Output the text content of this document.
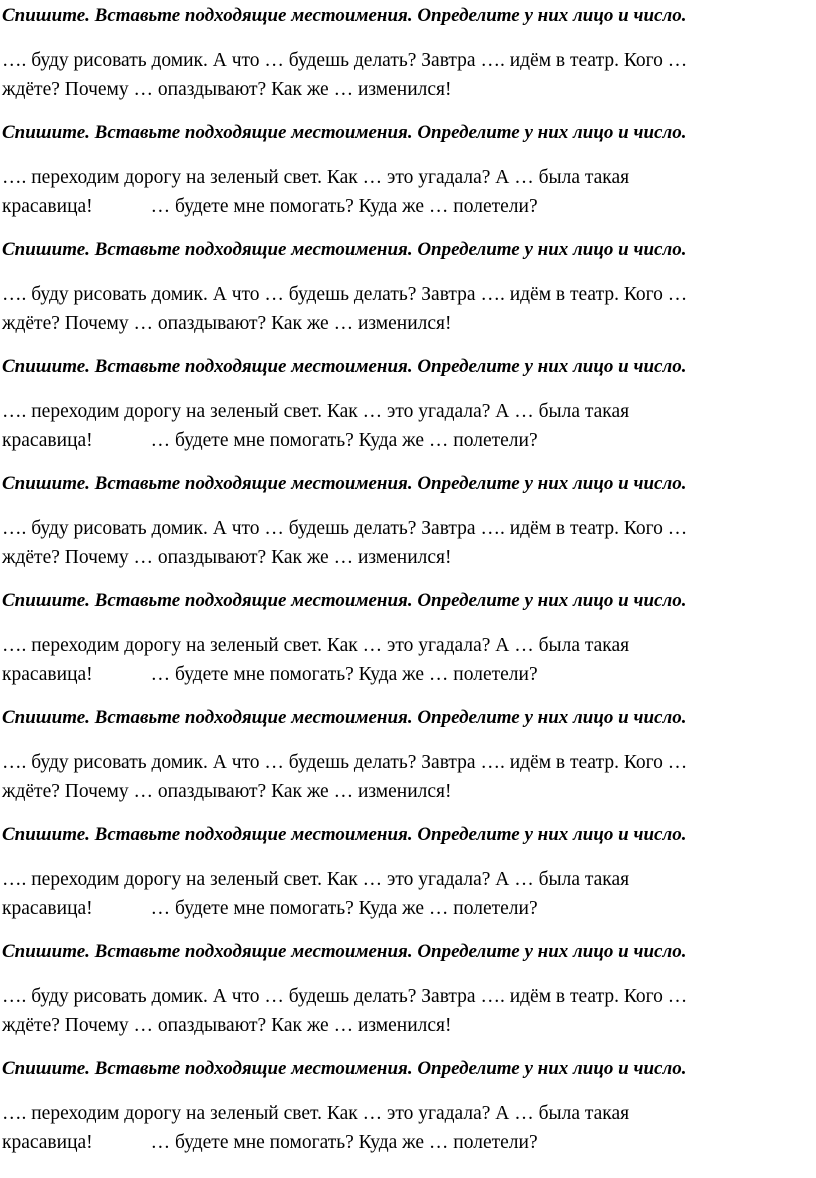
Спишите. Вставьте подходящие местоимения. Определите у них лицо и число.

…. буду рисовать домик. А что … будешь делать? Завтра …. идём в театр. Кого …

ждёте? Почему … опаздывают? Как же … изменился!

Спишите. Вставьте подходящие местоимения. Определите у них лицо и число.

…. переходим дорогу на зеленый свет. Как … это угадала? А … была такая

красавица!	… будете мне помогать? Куда же … полетели?

Спишите. Вставьте подходящие местоимения. Определите у них лицо и число.

…. буду рисовать домик. А что … будешь делать? Завтра …. идём в театр. Кого …

ждёте? Почему … опаздывают? Как же … изменился!

Спишите. Вставьте подходящие местоимения. Определите у них лицо и число.

…. переходим дорогу на зеленый свет. Как … это угадала? А … была такая

красавица!	… будете мне помогать? Куда же … полетели?

Спишите. Вставьте подходящие местоимения. Определите у них лицо и число.

…. буду рисовать домик. А что … будешь делать? Завтра …. идём в театр. Кого …

ждёте? Почему … опаздывают? Как же … изменился!

Спишите. Вставьте подходящие местоимения. Определите у них лицо и число.

…. переходим дорогу на зеленый свет. Как … это угадала? А … была такая

красавица!	… будете мне помогать? Куда же … полетели?

Спишите. Вставьте подходящие местоимения. Определите у них лицо и число.

…. буду рисовать домик. А что … будешь делать? Завтра …. идём в театр. Кого …

ждёте? Почему … опаздывают? Как же … изменился!

Спишите. Вставьте подходящие местоимения. Определите у них лицо и число.

…. переходим дорогу на зеленый свет. Как … это угадала? А … была такая

красавица!	… будете мне помогать? Куда же … полетели?

Спишите. Вставьте подходящие местоимения. Определите у них лицо и число.

…. буду рисовать домик. А что … будешь делать? Завтра …. идём в театр. Кого …

ждёте? Почему … опаздывают? Как же … изменился!

Спишите. Вставьте подходящие местоимения. Определите у них лицо и число.

…. переходим дорогу на зеленый свет. Как … это угадала? А … была такая

красавица!	… будете мне помогать? Куда же … полетели?
